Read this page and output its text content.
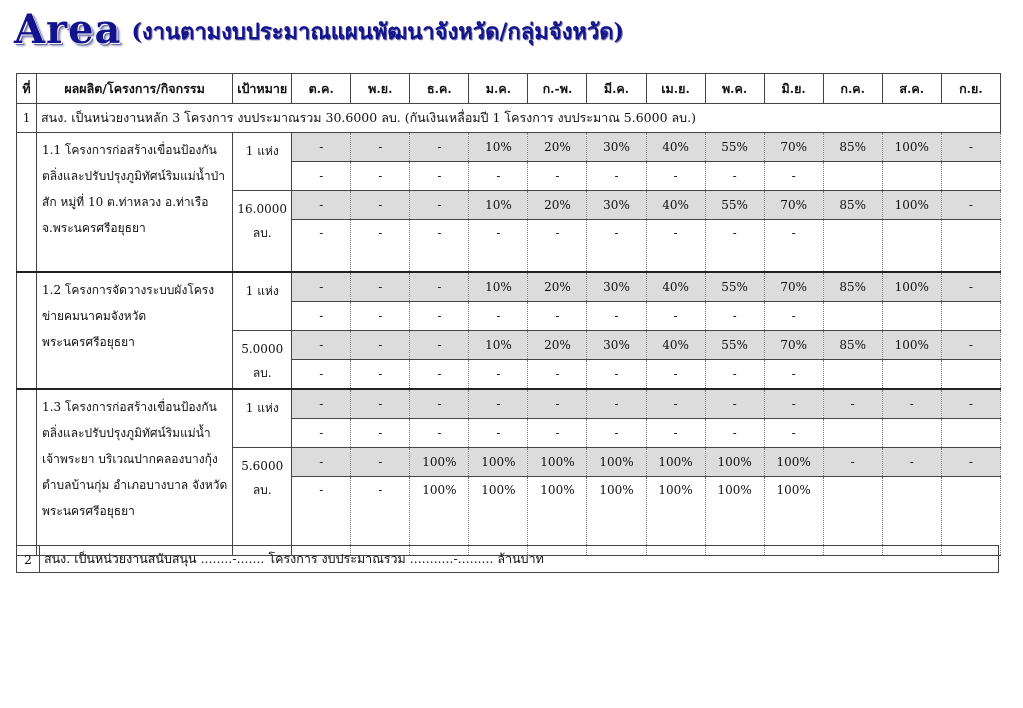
Area (งานตามงบประมาณแผนพัฒนาจังหวัด/กลุ่มจังหวัด)
ที่	ผลผลิต/โครงการ/กิจกรรม	เป้าหมาย	ต.ค.	พ.ย.	ธ.ค.	ม.ค.	ก.-พ.	มี.ค.	เม.ย.	พ.ค.	มิ.ย.	ก.ค.	ส.ค.	ก.ย.
1	สนง. เป็นหน่วยงานหลัก 3 โครงการ งบประมาณรวม 30.6000 ลบ. (กันเงินเหลื่อมปี 1 โครงการ งบประมาณ 5.6000 ลบ.)													
	1.1 โครงการก่อสร้างเขื่อนป้องกันตลิ่งและปรับปรุงภูมิทัศน์ริมแม่น้ำป่าสัก หมู่ที่ 10 ต.ท่าหลวง อ.ท่าเรือ จ.พระนครศรีอยุธยา	1 แห่ง	-	-	-	10%	20%	30%	40%	55%	70%	85%	100%	-
			-	-	-	-	-	-	-	-	-			
		16.0000 ลบ.	-	-	-	10%	20%	30%	40%	55%	70%	85%	100%	-
			-	-	-	-	-	-	-	-	-			
	1.2 โครงการจัดวางระบบผังโครงข่ายคมนาคมจังหวัดพระนครศรีอยุธยา	1 แห่ง	-	-	-	10%	20%	30%	40%	55%	70%	85%	100%	-
			-	-	-	-	-	-	-	-	-			
		5.0000 ลบ.	-	-	-	10%	20%	30%	40%	55%	70%	85%	100%	-
			-	-	-	-	-	-	-	-	-			
	1.3 โครงการก่อสร้างเขื่อนป้องกันตลิ่งและปรับปรุงภูมิทัศน์ริมแม่น้ำเจ้าพระยา บริเวณปากคลองบางกุ้ง ตำบลบ้านกุ่ม อำเภอบางบาล จังหวัดพระนครศรีอยุธยา	1 แห่ง	-	-	-	-	-	-	-	-	-	-	-	-
			-	-	-	-	-	-	-	-	-			
		5.6000 ลบ.	-	-	100%	100%	100%	100%	100%	100%	100%	-	-	-
			-	-	100%	100%	100%	100%	100%	100%	100%			
2 สนง. เป็นหน่วยงานสนับสนุน ........-....... โครงการ งบประมาณรวม ...........-......... ล้านบาท
